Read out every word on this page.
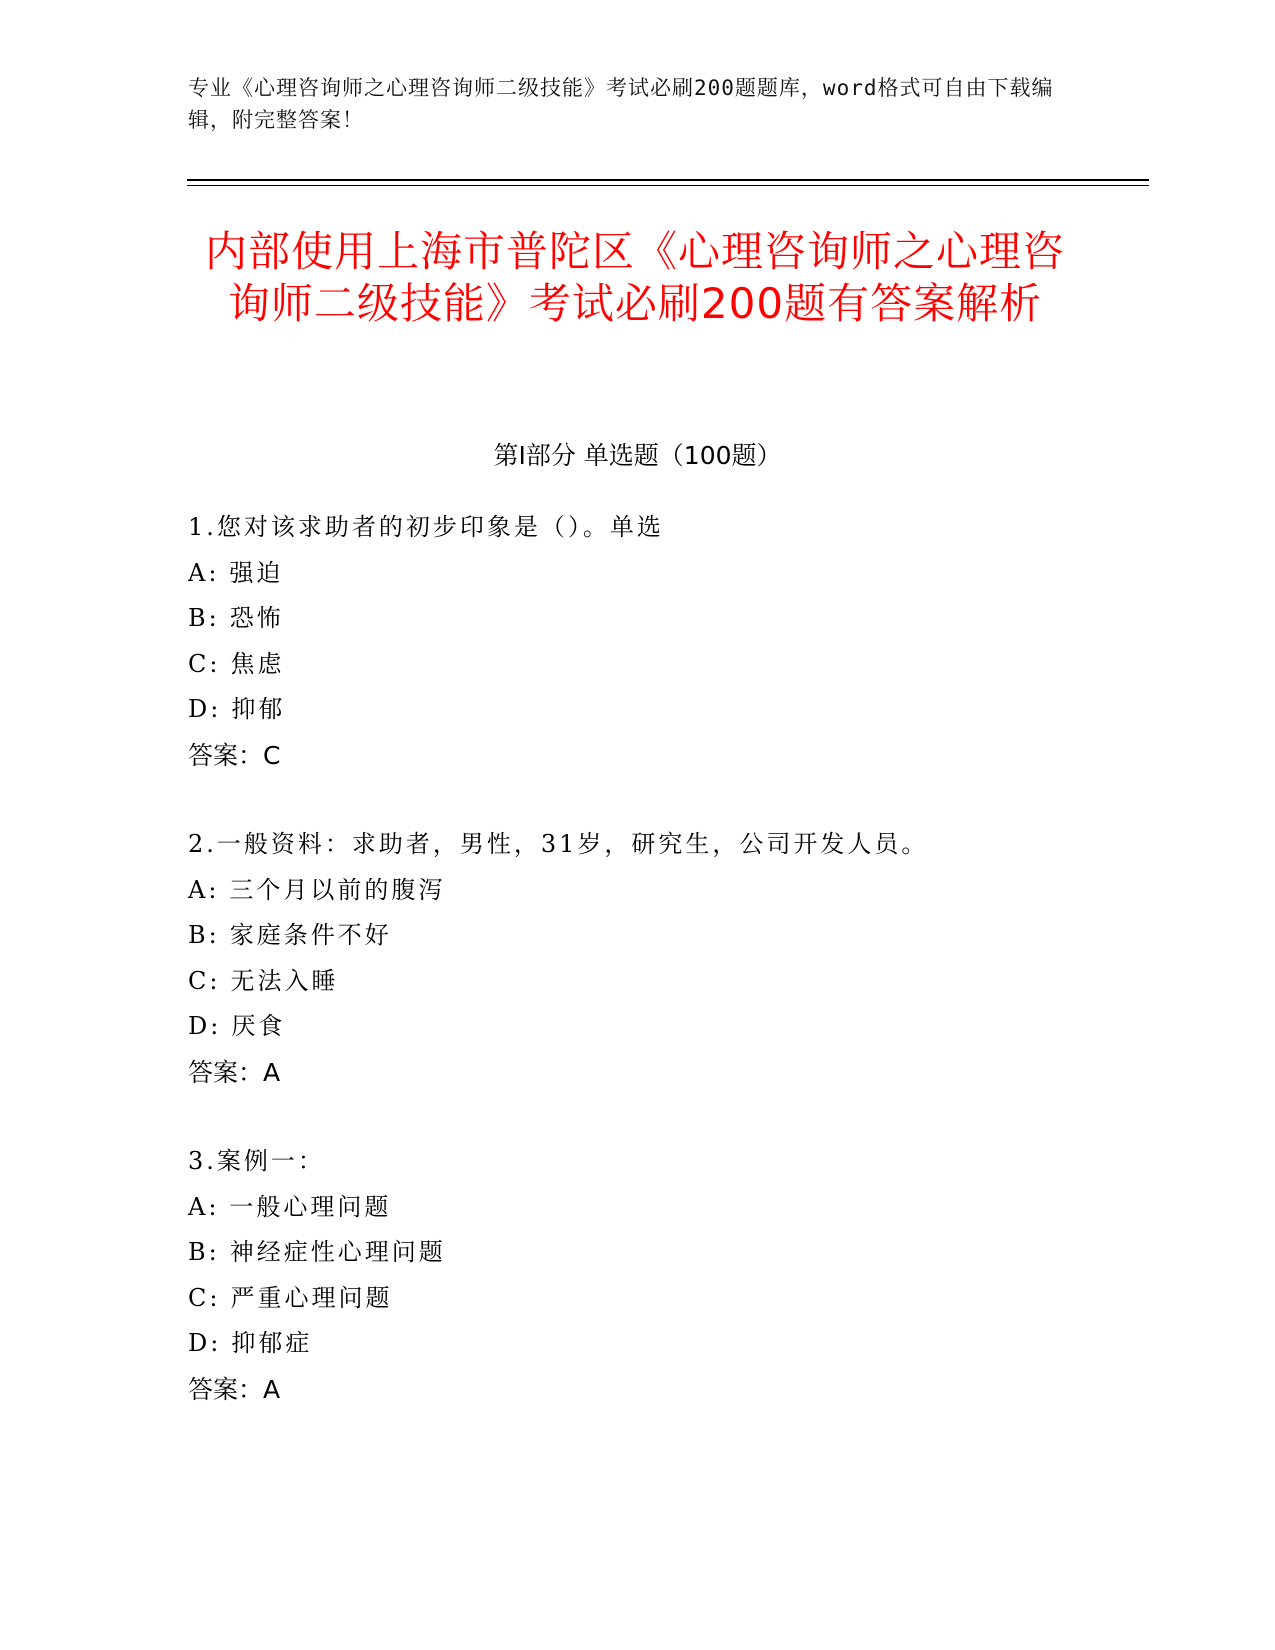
专业《心理咨询师之心理咨询师二级技能》考试必刷200题题库，word格式可自由下载编辑，附完整答案！
内部使用上海市普陀区《心理咨询师之心理咨询师二级技能》考试必刷200题有答案解析
第Ⅰ部分 单选题（100题）
1.您对该求助者的初步印象是（）。单选
A: 强迫
B: 恐怖
C: 焦虑
D: 抑郁
答案：C
2.一般资料：求助者，男性，31岁，研究生，公司开发人员。
A: 三个月以前的腹泻
B: 家庭条件不好
C: 无法入睡
D: 厌食
答案：A
3.案例一：
A: 一般心理问题
B: 神经症性心理问题
C: 严重心理问题
D: 抑郁症
答案：A
